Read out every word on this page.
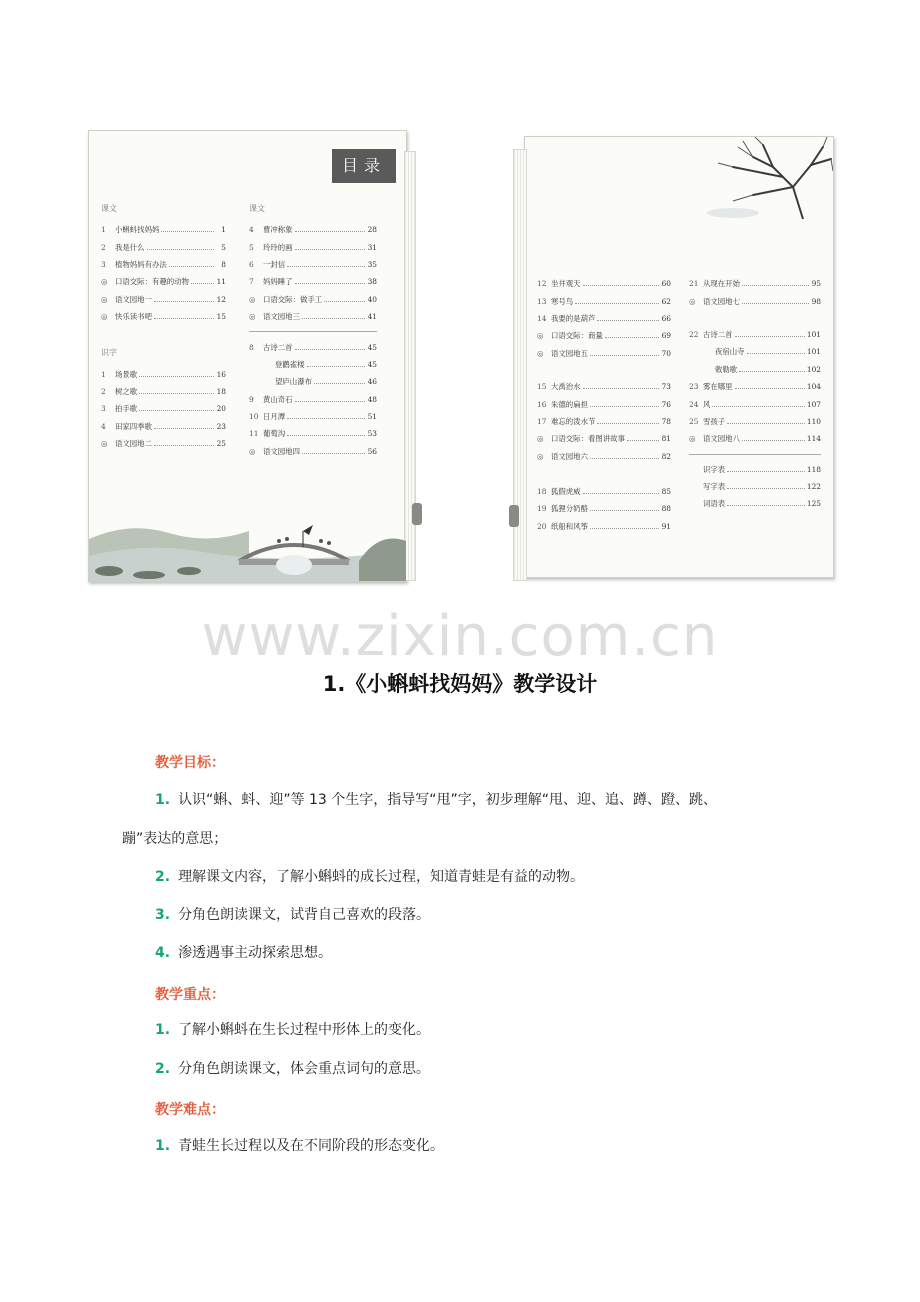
目录
课文
1	小蝌蚪找妈妈	1
2	我是什么	5
3	植物妈妈有办法	8
◎	口语交际：有趣的动物	11
◎	语文园地一	12
◎	快乐读书吧	15
识字
1	场景歌	16
2	树之歌	18
3	拍手歌	20
4	田家四季歌	23
◎	语文园地二	25
课文
4	曹冲称象	28
5	玲玲的画	31
6	一封信	35
7	妈妈睡了	38
◎	口语交际：做手工	40
◎	语文园地三	41
8	古诗二首	45
登鹳雀楼	45
望庐山瀑布	46
9	黄山奇石	48
10 日月潭	51
11 葡萄沟	53
◎	语文园地四	56
12 坐井观天	60
13 寒号鸟	62
14 我要的是葫芦	66
◎	口语交际：商量	69
◎	语文园地五	70
15 大禹治水	73
16 朱德的扁担	76
17 难忘的泼水节	78
◎	口语交际：看图讲故事	81
◎	语文园地六	82
18 狐假虎威	85
19 狐狸分奶酪	88
20 纸船和风筝	91
21 从现在开始	95
◎	语文园地七	98
22 古诗二首	101
夜宿山寺	101
敕勒歌	102
23 雾在哪里	104
24 风	107
25 雪孩子	110
◎	语文园地八	114
识字表	118
写字表	122
词语表	125
www.zixin.com.cn
1.《小蝌蚪找妈妈》教学设计
教学目标：
1. 认识“蝌、蚪、迎”等 13 个生字，指导写“甩”字，初步理解“甩、迎、追、蹲、蹬、跳、
蹦”表达的意思；
2. 理解课文内容，了解小蝌蚪的成长过程，知道青蛙是有益的动物。
3. 分角色朗读课文，试背自己喜欢的段落。
4. 渗透遇事主动探索思想。
教学重点：
1. 了解小蝌蚪在生长过程中形体上的变化。
2. 分角色朗读课文，体会重点词句的意思。
教学难点：
1. 青蛙生长过程以及在不同阶段的形态变化。
